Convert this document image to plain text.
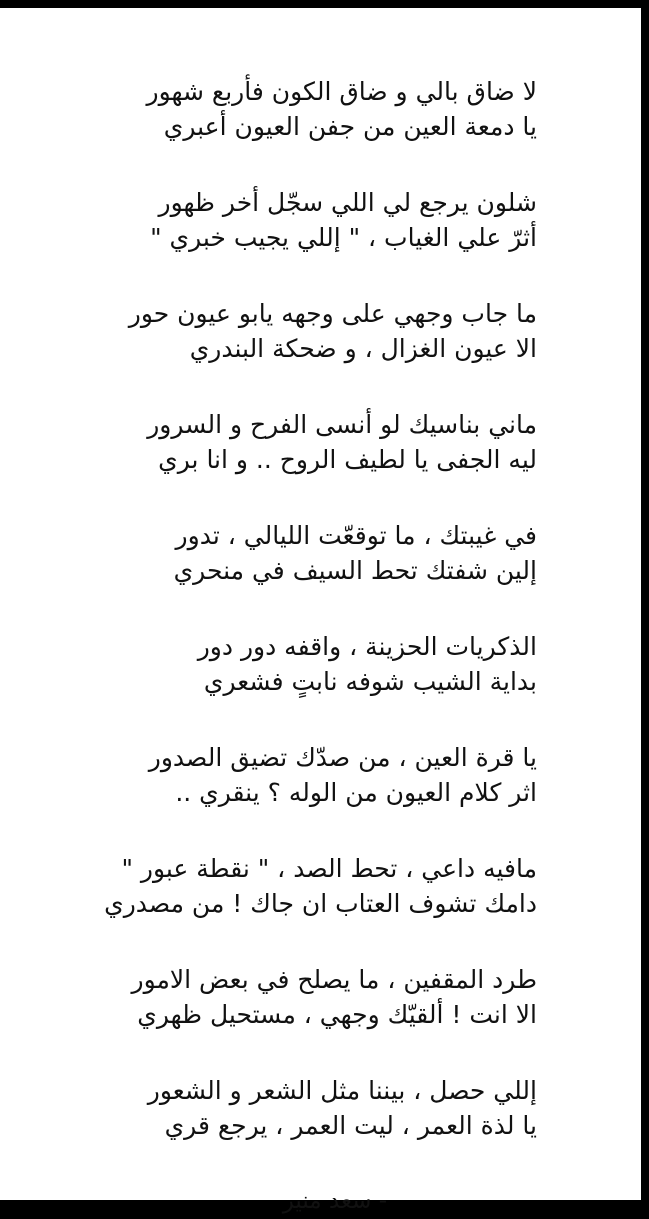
لا ضاق بالي و ضاق الكون فأربع شهور
يا دمعة العين من جفن العيون أعبري
شلون يرجع لي اللي سجّل أخر ظهور
أثرّ علي الغياب ، " إللي يجيب خبري "
ما جاب وجهي على وجهه يابو عيون حور
الا عيون الغزال ، و ضحكة البندري
ماني بناسيك لو أنسى الفرح و السرور
ليه الجفى يا لطيف الروح .. و انا بري
في غيبتك ، ما توقعّت الليالي ، تدور
إلين شفتك تحط السيف في منحري
الذكريات الحزينة ، واقفه دور دور
بداية الشيب شوفه نابتٍ فشعري
يا قرة العين ، من صدّك تضيق الصدور
اثر كلام العيون من الوله ؟ ينقري ..
مافيه داعي ، تحط الصد ، " نقطة عبور "
دامك تشوف العتاب ان جاك ! من مصدري
طرد المقفين ، ما يصلح في بعض الامور
الا انت ! ألقيّك وجهي ، مستحيل ظهري
إللي حصل ، بيننا مثل الشعر و الشعور
يا لذة العمر ، ليت العمر ، يرجع قري
- سعد منير
